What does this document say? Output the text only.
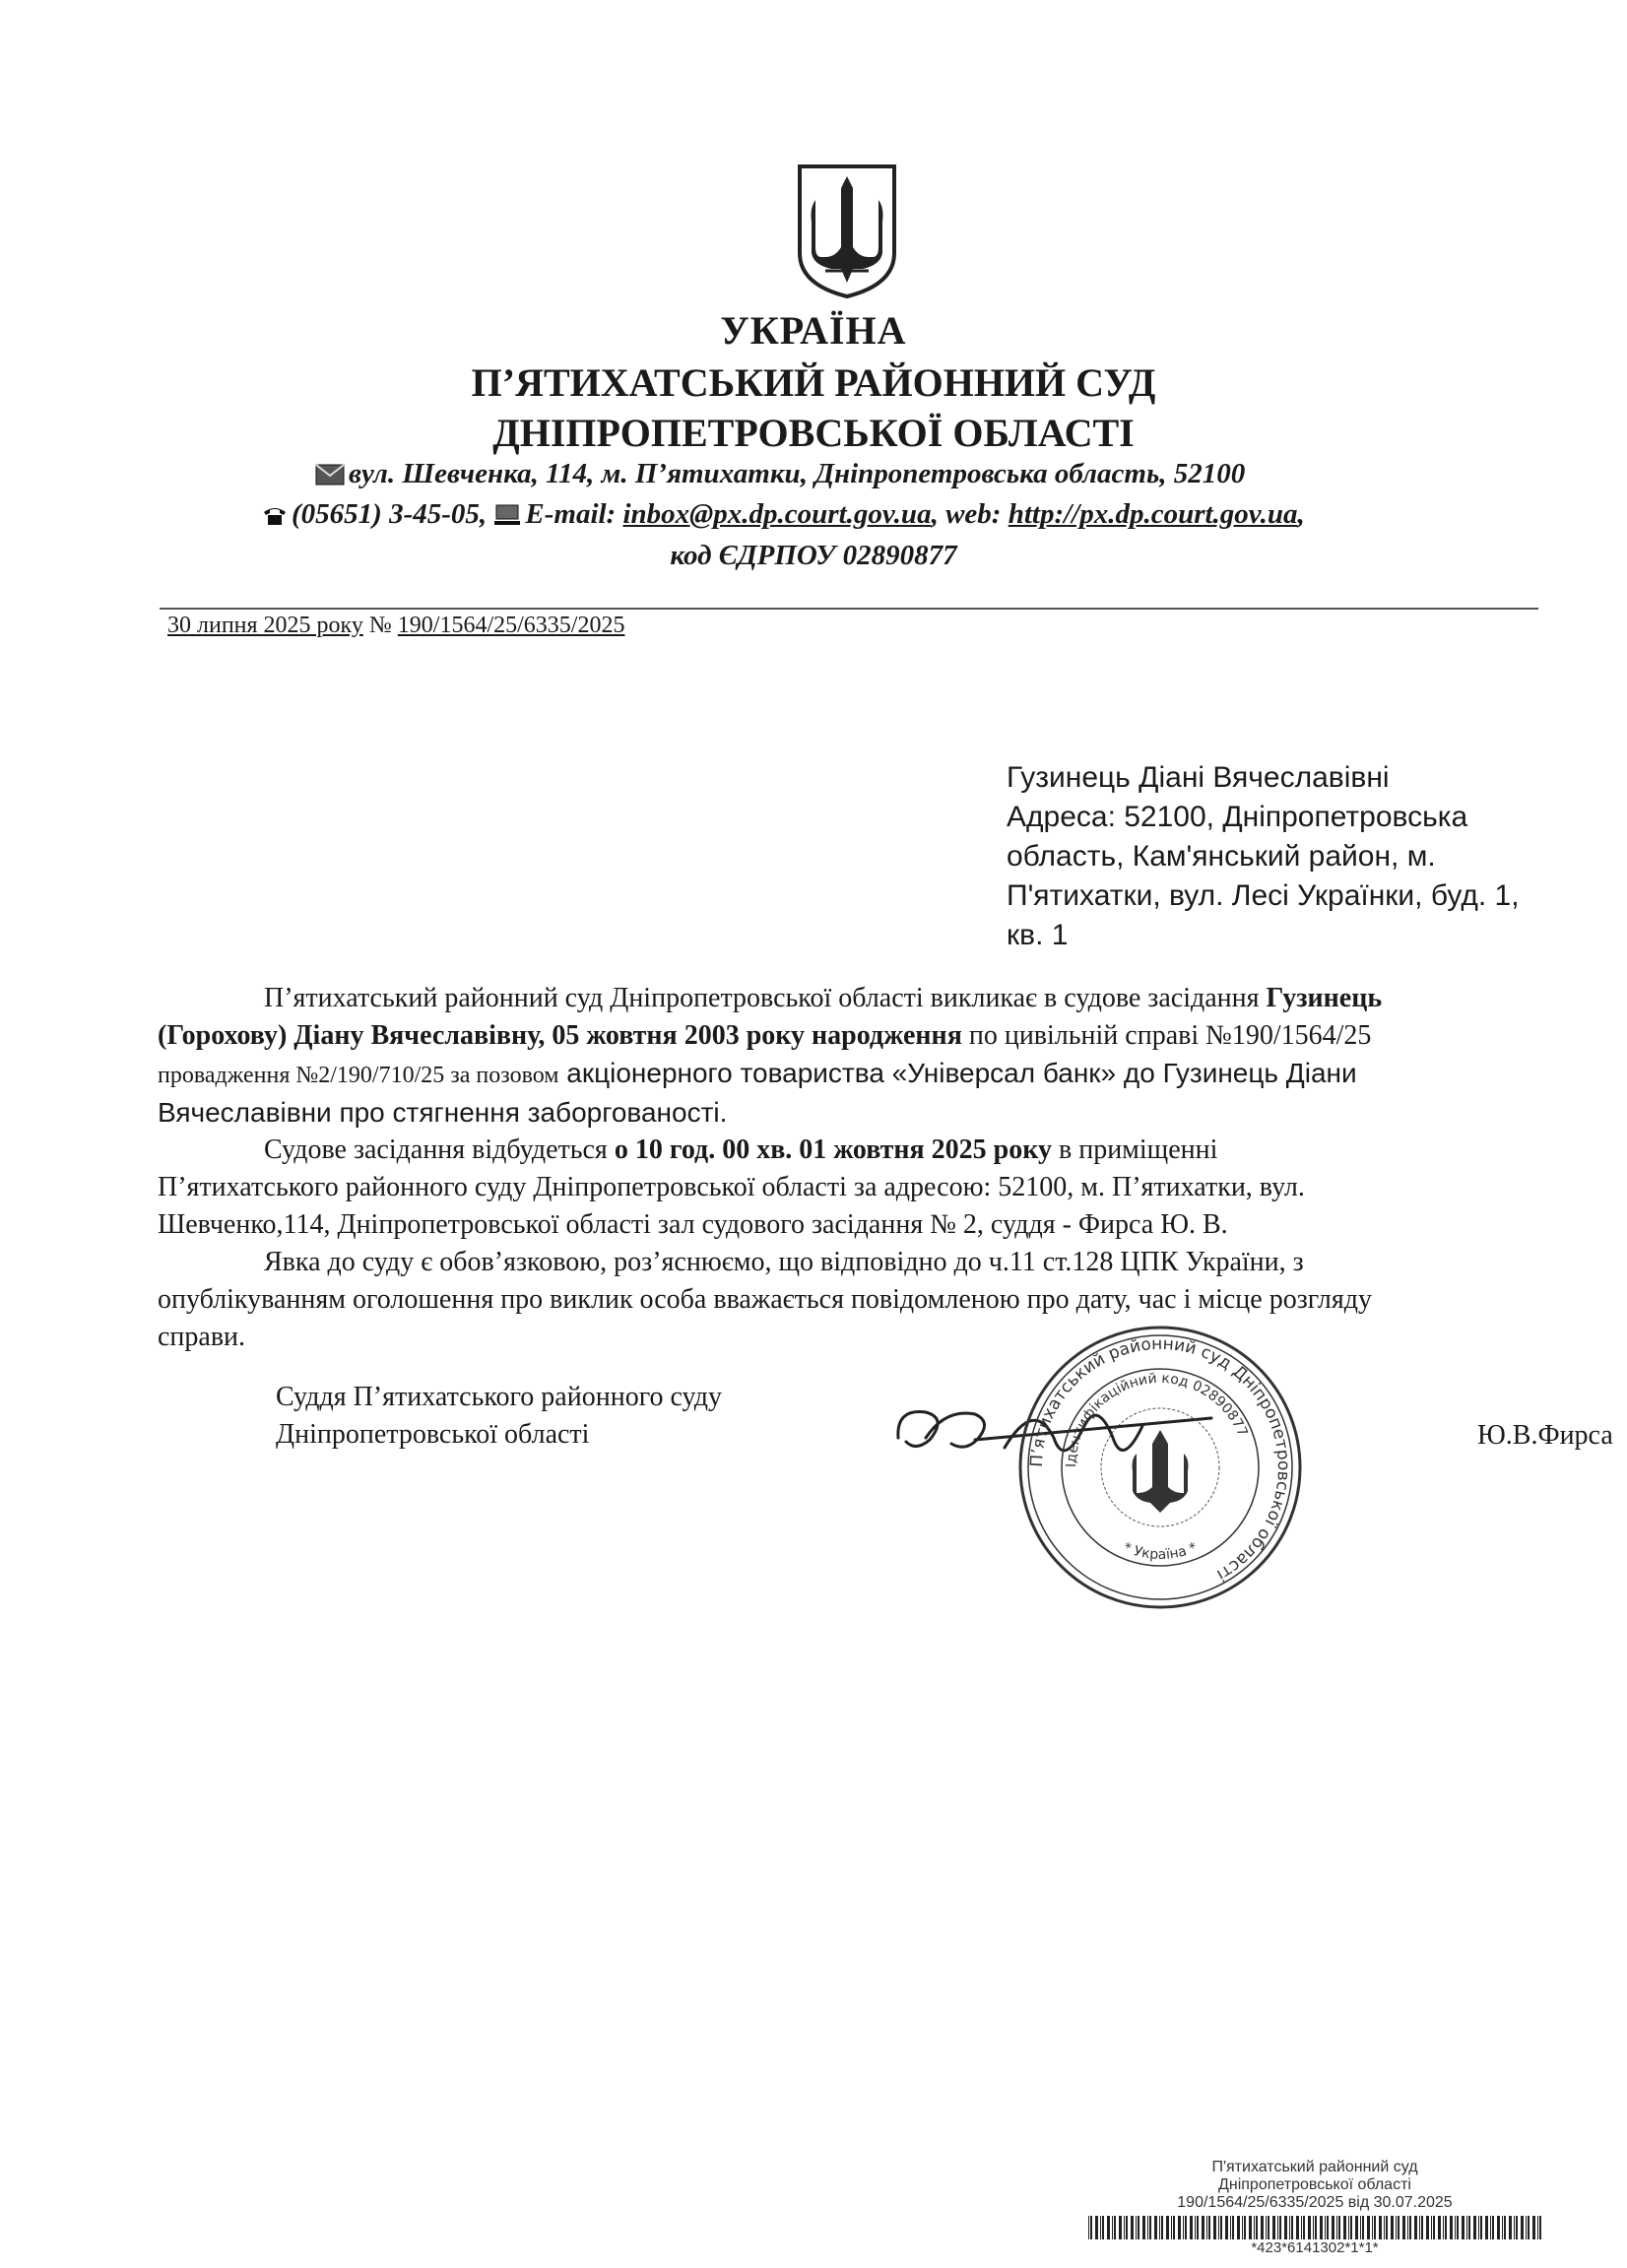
УКРАЇНА
П’ЯТИХАТСЬКИЙ РАЙОННИЙ СУД
ДНІПРОПЕТРОВСЬКОЇ ОБЛАСТІ
вул. Шевченка, 114, м. П’ятихатки, Дніпропетровська область, 52100
(05651) 3-45-05, E-mail: inbox@px.dp.court.gov.ua, web: http://px.dp.court.gov.ua,
код ЄДРПОУ 02890877
30 липня 2025 року № 190/1564/25/6335/2025
Гузинець Діані Вячеславівні
Адреса: 52100, Дніпропетровська
область, Кам'янський район, м.
П'ятихатки, вул. Лесі Українки, буд. 1,
кв. 1
П’ятихатський районний суд Дніпропетровської області викликає в судове засідання Гузинець
(Горохову) Діану Вячеславівну, 05 жовтня 2003 року народження по цивільній справі №190/1564/25
провадження №2/190/710/25 за позовом акціонерного товариства «Універсал банк» до Гузинець Діани
Вячеславівни про стягнення заборгованості.
Судове засідання відбудеться о 10 год. 00 хв. 01 жовтня 2025 року в приміщенні
П’ятихатського районного суду Дніпропетровської області за адресою: 52100, м. П’ятихатки, вул.
Шевченко,114, Дніпропетровської області зал судового засідання № 2, суддя - Фирса Ю. В.
Явка до суду є обов’язковою, роз’яснюємо, що відповідно до ч.11 ст.128 ЦПК України, з
опублікуванням оголошення про виклик особа вважається повідомленою про дату, час і місце розгляду
справи.
Суддя П’ятихатського районного суду
Дніпропетровської області	Ю.В.Фирса
П’ятихатський районний суд Дніпропетровської області
Ідентифікаційний код 02890877
* Україна *
П'ятихатський районний суд
Дніпропетровської області
190/1564/25/6335/2025 від 30.07.2025
*423*6141302*1*1*
